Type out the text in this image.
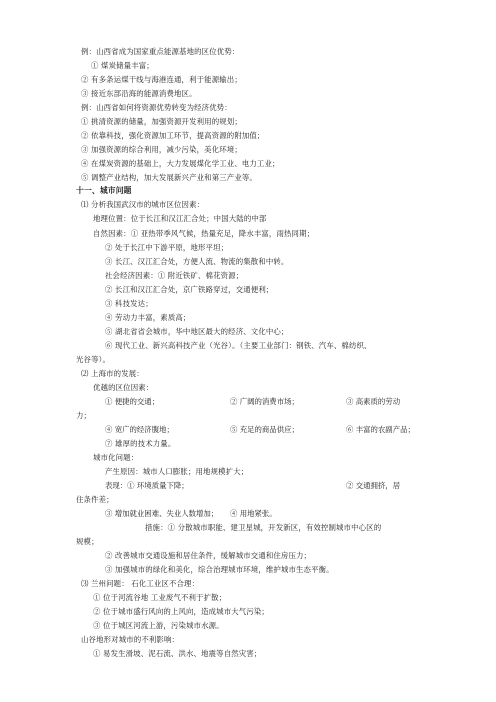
例：山西省成为国家重点能源基地的区位优势：
① 煤炭储量丰富；
② 有多条运煤干线与海港连通，利于能源输出；
③ 接近东部沿海的能源消费地区。
例：山西省如何将资源优势转变为经济优势：
① 挑清资源的储量，加强资源开发利用的规划；
② 依靠科技，强化资源加工环节，提高资源的附加值；
③ 加强资源的综合利用，减少污染，美化环境；
④ 在煤炭资源的基础上，大力发展煤化学工业、电力工业；
⑤ 调整产业结构，加大发展新兴产业和第三产业等。
十一、城市问题
⑴ 分析我国武汉市的城市区位因素：
地理位置：位于长江和汉江汇合处；中国大陆的中部
自然因素：① 亚热带季风气候，热量充足，降水丰富，雨热同期；
② 处于长江中下游平原，地形平坦；
③ 长江、汉江汇合处，方便人流、物流的集散和中转。
社会经济因素：① 附近铁矿、棉花资源；
② 长江和汉江汇合处，京广铁路穿过，交通便利；
③ 科技发达；
④ 劳动力丰富，素质高；
⑤ 湖北省省会城市，华中地区最大的经济、文化中心；
⑥ 现代工业、新兴高科技产业（光谷）。（主要工业部门：钢铁、汽车、棉纺织、
光谷等）。
⑵ 上海市的发展：
优越的区位因素：
① 便捷的交通；	② 广阔的消费市场；	③ 高素质的劳动
力；
④ 宽广的经济腹地；	⑤ 充足的商品供应；	⑥ 丰富的农副产品；
⑦ 雄厚的技术力量。
城市化问题：
产生原因：城市人口膨胀；用地规模扩大；
表现：① 环境质量下降；	② 交通拥挤，居
住条件差；
③ 增加就业困难、失业人数增加； ④ 用地紧张。
措施：① 分散城市职能、建卫星城，开发新区，有效控制城市中心区的
规模；
② 改善城市交通设施和居住条件，缓解城市交通和住房压力；
③ 加强城市的绿化和美化，综合治理城市环境，维护城市生态平衡。
⑶ 兰州问题： 石化工业区不合理：
① 位于河流谷地 工业废气不利于扩散；
② 位于城市盛行风向的上风向，造成城市大气污染；
③ 位于城区河流上游，污染城市水源。
山谷地形对城市的不利影响：
① 易发生滑坡、泥石流、洪水、地震等自然灾害；
